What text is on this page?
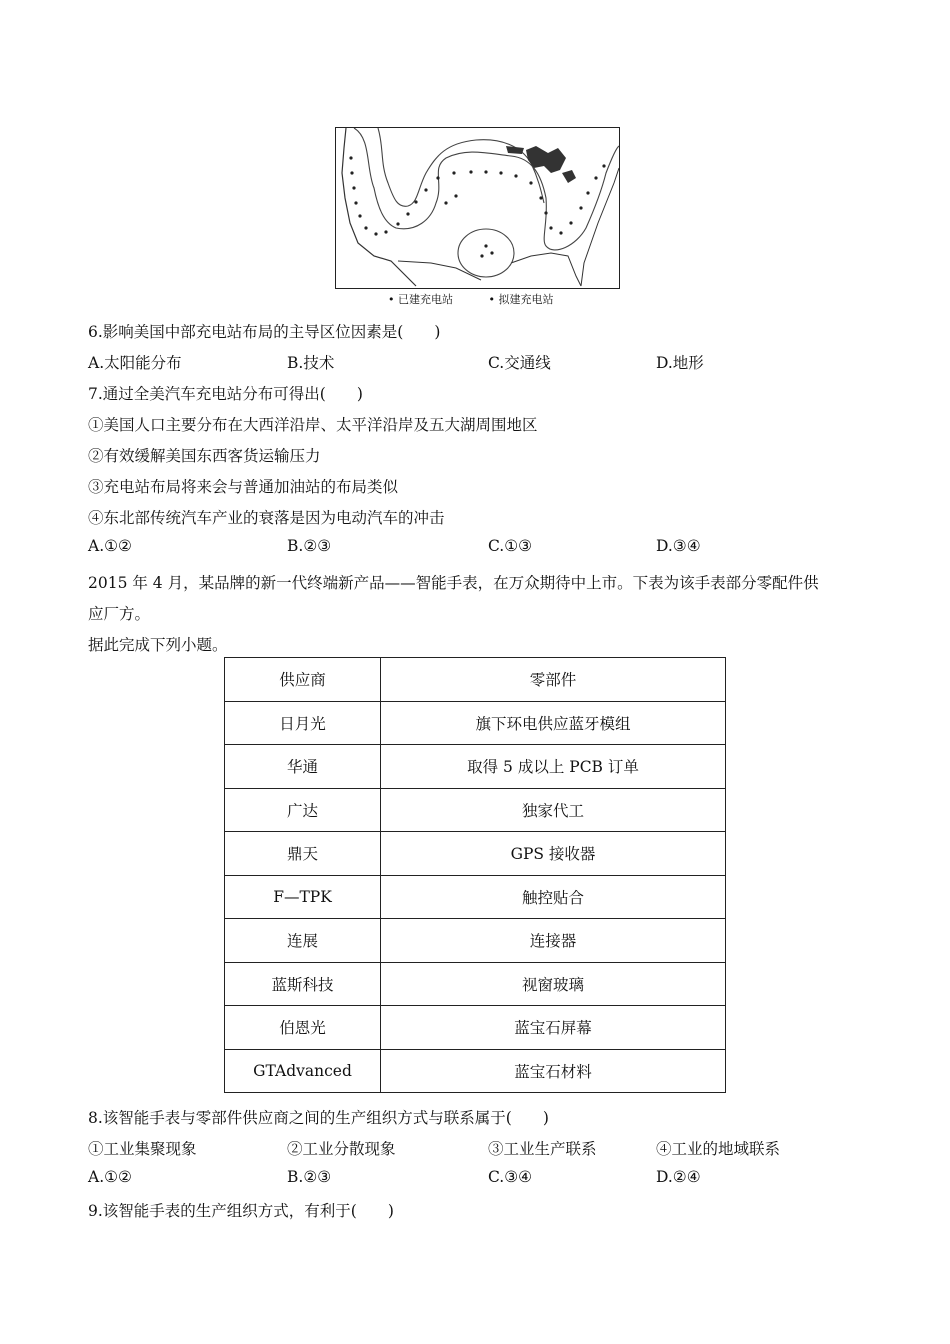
• 已建充电站	• 拟建充电站
6.影响美国中部充电站布局的主导区位因素是(　　)
A.太阳能分布	B.技术	C.交通线	D.地形
7.通过全美汽车充电站分布可得出(　　)
①美国人口主要分布在大西洋沿岸、太平洋沿岸及五大湖周围地区
②有效缓解美国东西客货运输压力
③充电站布局将来会与普通加油站的布局类似
④东北部传统汽车产业的衰落是因为电动汽车的冲击
A.①②	B.②③	C.①③	D.③④
2015 年 4 月，某品牌的新一代终端新产品——智能手表，在万众期待中上市。下表为该手表部分零配件供
应厂方。
据此完成下列小题。
供应商	零部件
日月光	旗下环电供应蓝牙模组
华通	取得 5 成以上 PCB 订单
广达	独家代工
鼎天	GPS 接收器
F—TPK	触控贴合
连展	连接器
蓝斯科技	视窗玻璃
伯恩光	蓝宝石屏幕
GTAdvanced	蓝宝石材料
8.该智能手表与零部件供应商之间的生产组织方式与联系属于(　　)
①工业集聚现象	②工业分散现象	③工业生产联系	④工业的地域联系
A.①②	B.②③	C.③④	D.②④
9.该智能手表的生产组织方式，有利于(　　)
